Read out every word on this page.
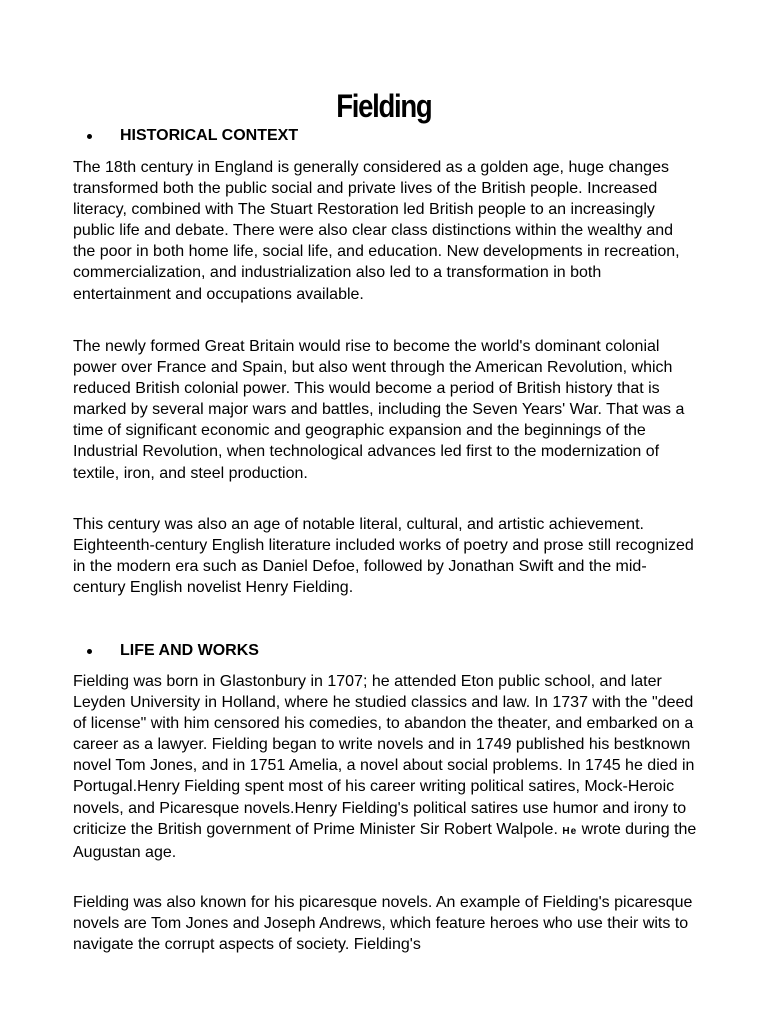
Fielding
HISTORICAL CONTEXT

The 18th century in England is generally considered as a golden age, huge changes transformed both the public social and private lives of the British people. Increased literacy, combined with The Stuart Restoration led British people to an increasingly public life and debate. There were also clear class distinctions within the wealthy and the poor in both home life, social life, and education. New developments in recreation, commercialization, and industrialization also led to a transformation in both entertainment and occupations available.

The newly formed Great Britain would rise to become the world's dominant colonial power over France and Spain, but also went through the American Revolution, which reduced British colonial power. This would become a period of British history that is marked by several major wars and battles, including the Seven Years' War. That was a time of significant economic and geographic expansion and the beginnings of the Industrial Revolution, when technological advances led first to the modernization of textile, iron, and steel production.

This century was also an age of notable literal, cultural, and artistic achievement. Eighteenth-century English literature included works of poetry and prose still recognized in the modern era such as Daniel Defoe, followed by Jonathan Swift and the mid-century English novelist Henry Fielding.

LIFE AND WORKS

Fielding was born in Glastonbury in 1707; he attended Eton public school, and later Leyden University in Holland, where he studied classics and law. In 1737 with the "deed of license" with him censored his comedies, to abandon the theater, and embarked on a career as a lawyer. Fielding began to write novels and in 1749 published his bestknown novel Tom Jones, and in 1751 Amelia, a novel about social problems. In 1745 he died in Portugal.Henry Fielding spent most of his career writing political satires, Mock-Heroic novels, and Picaresque novels.Henry Fielding's political satires use humor and irony to criticize the British government of Prime Minister Sir Robert Walpole. He wrote during the Augustan age.

Fielding was also known for his picaresque novels. An example of Fielding's picaresque novels are Tom Jones and Joseph Andrews, which feature heroes who use their wits to navigate the corrupt aspects of society. Fielding's
